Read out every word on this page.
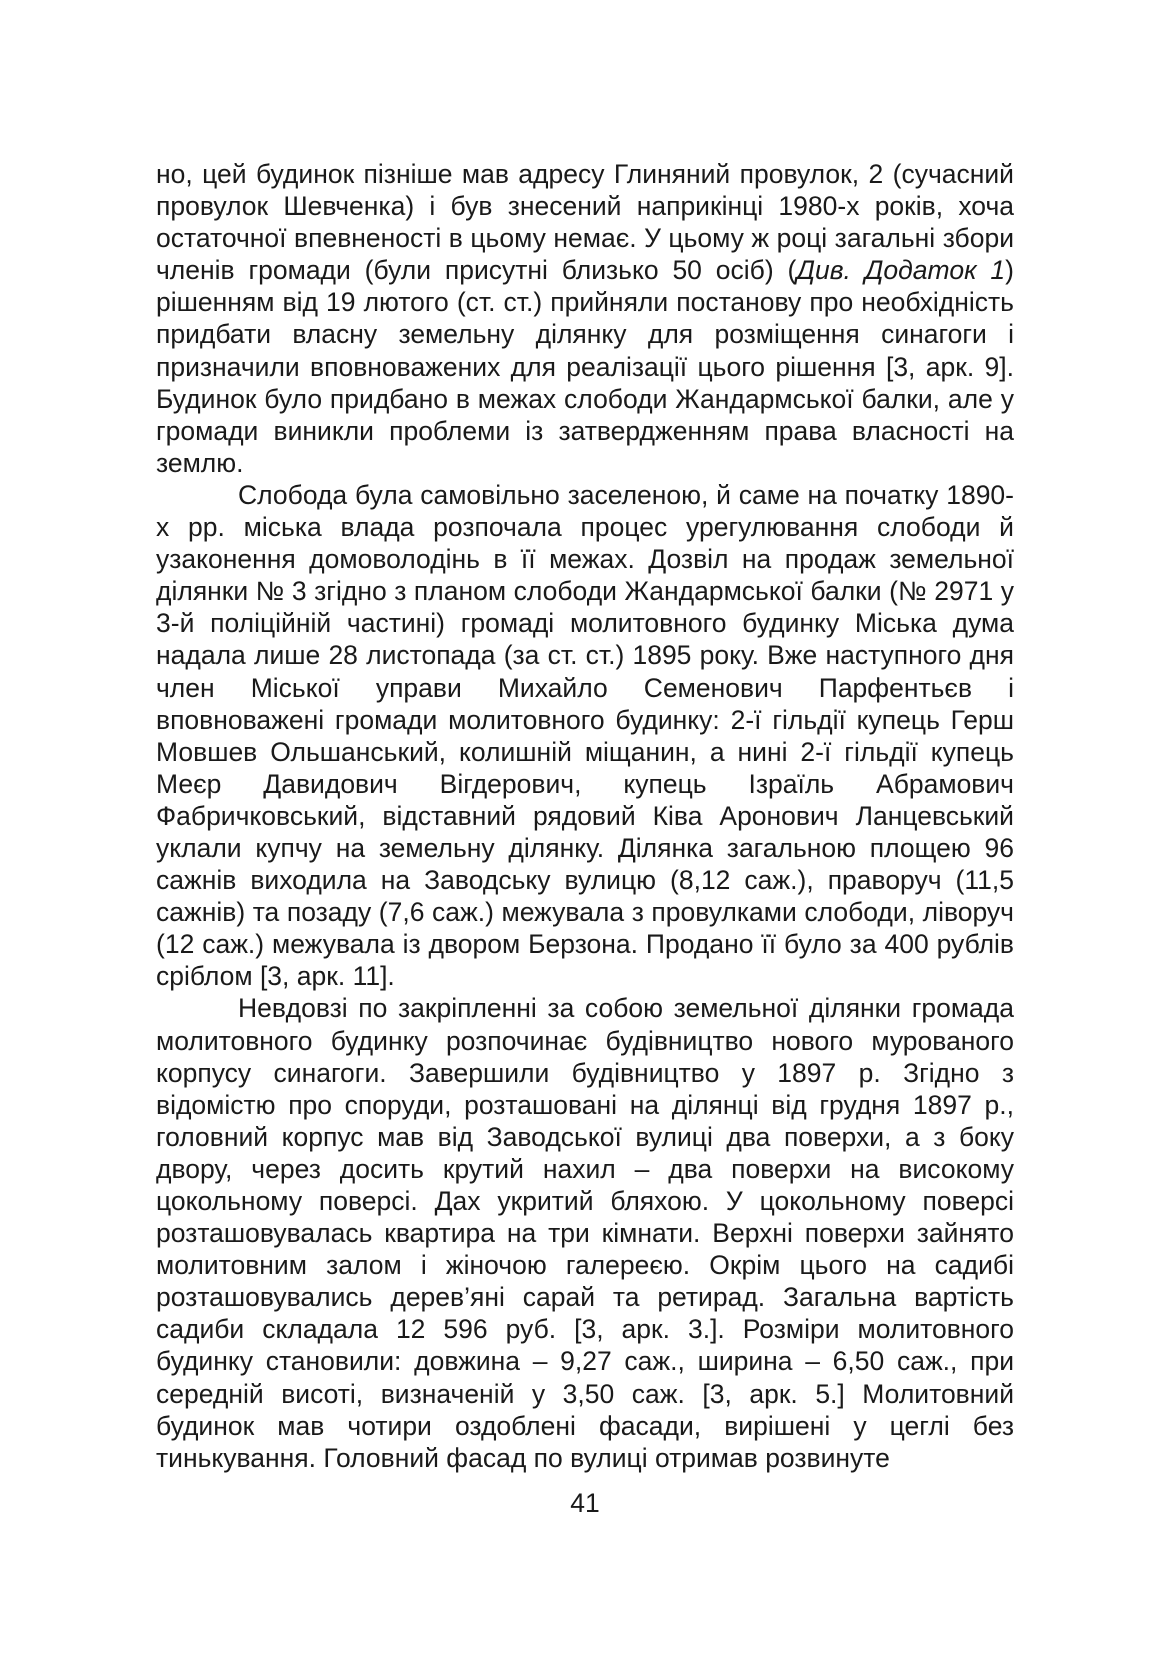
но, цей будинок пізніше мав адресу Глиняний провулок, 2 (сучасний провулок Шевченка) і був знесений наприкінці 1980-х років, хоча остаточної впевненості в цьому немає. У цьому ж році загальні збори членів громади (були присутні близько 50 осіб) (Див. Додаток 1) рішенням від 19 лютого (ст. ст.) прийняли постанову про необхідність придбати власну земельну ділянку для розміщення синагоги і призначили вповноважених для реалізації цього рішення [3, арк. 9]. Будинок було придбано в межах слободи Жандармської балки, але у громади виникли проблеми із затвердженням права власності на землю.

Слобода була самовільно заселеною, й саме на початку 1890-х рр. міська влада розпочала процес урегулювання слободи й узаконення домоволодінь в її межах. Дозвіл на продаж земельної ділянки № 3 згідно з планом слободи Жандармської балки (№ 2971 у 3-й поліційній частині) громаді молитовного будинку Міська дума надала лише 28 листопада (за ст. ст.) 1895 року. Вже наступного дня член Міської управи Михайло Семенович Парфентьєв і вповноважені громади молитовного будинку: 2-ї гільдії купець Герш Мовшев Ольшанський, колишній міщанин, а нині 2-ї гільдії купець Меєр Давидович Вігдерович, купець Ізраїль Абрамович Фабричковський, відставний рядовий Ківа Аронович Ланцевський уклали купчу на земельну ділянку. Ділянка загальною площею 96 сажнів виходила на Заводську вулицю (8,12 саж.), праворуч (11,5 сажнів) та позаду (7,6 саж.) межувала з провулками слободи, ліворуч (12 саж.) межувала із двором Берзона. Продано її було за 400 рублів сріблом [3, арк. 11].

Невдовзі по закріпленні за собою земельної ділянки громада молитовного будинку розпочинає будівництво нового мурованого корпусу синагоги. Завершили будівництво у 1897 р. Згідно з відомістю про споруди, розташовані на ділянці від грудня 1897 р., головний корпус мав від Заводської вулиці два поверхи, а з боку двору, через досить крутий нахил – два поверхи на високому цокольному поверсі. Дах укритий бляхою. У цокольному поверсі розташовувалась квартира на три кімнати. Верхні поверхи зайнято молитовним залом і жіночою галереєю. Окрім цього на садибі розташовувались дерев’яні сарай та ретирад. Загальна вартість садиби складала 12 596 руб. [3, арк. 3.]. Розміри молитовного будинку становили: довжина – 9,27 саж., ширина – 6,50 саж., при середній висоті, визначеній у 3,50 саж. [3, арк. 5.] Молитовний будинок мав чотири оздоблені фасади, вирішені у цеглі без тинькування. Головний фасад по вулиці отримав розвинуте

41
